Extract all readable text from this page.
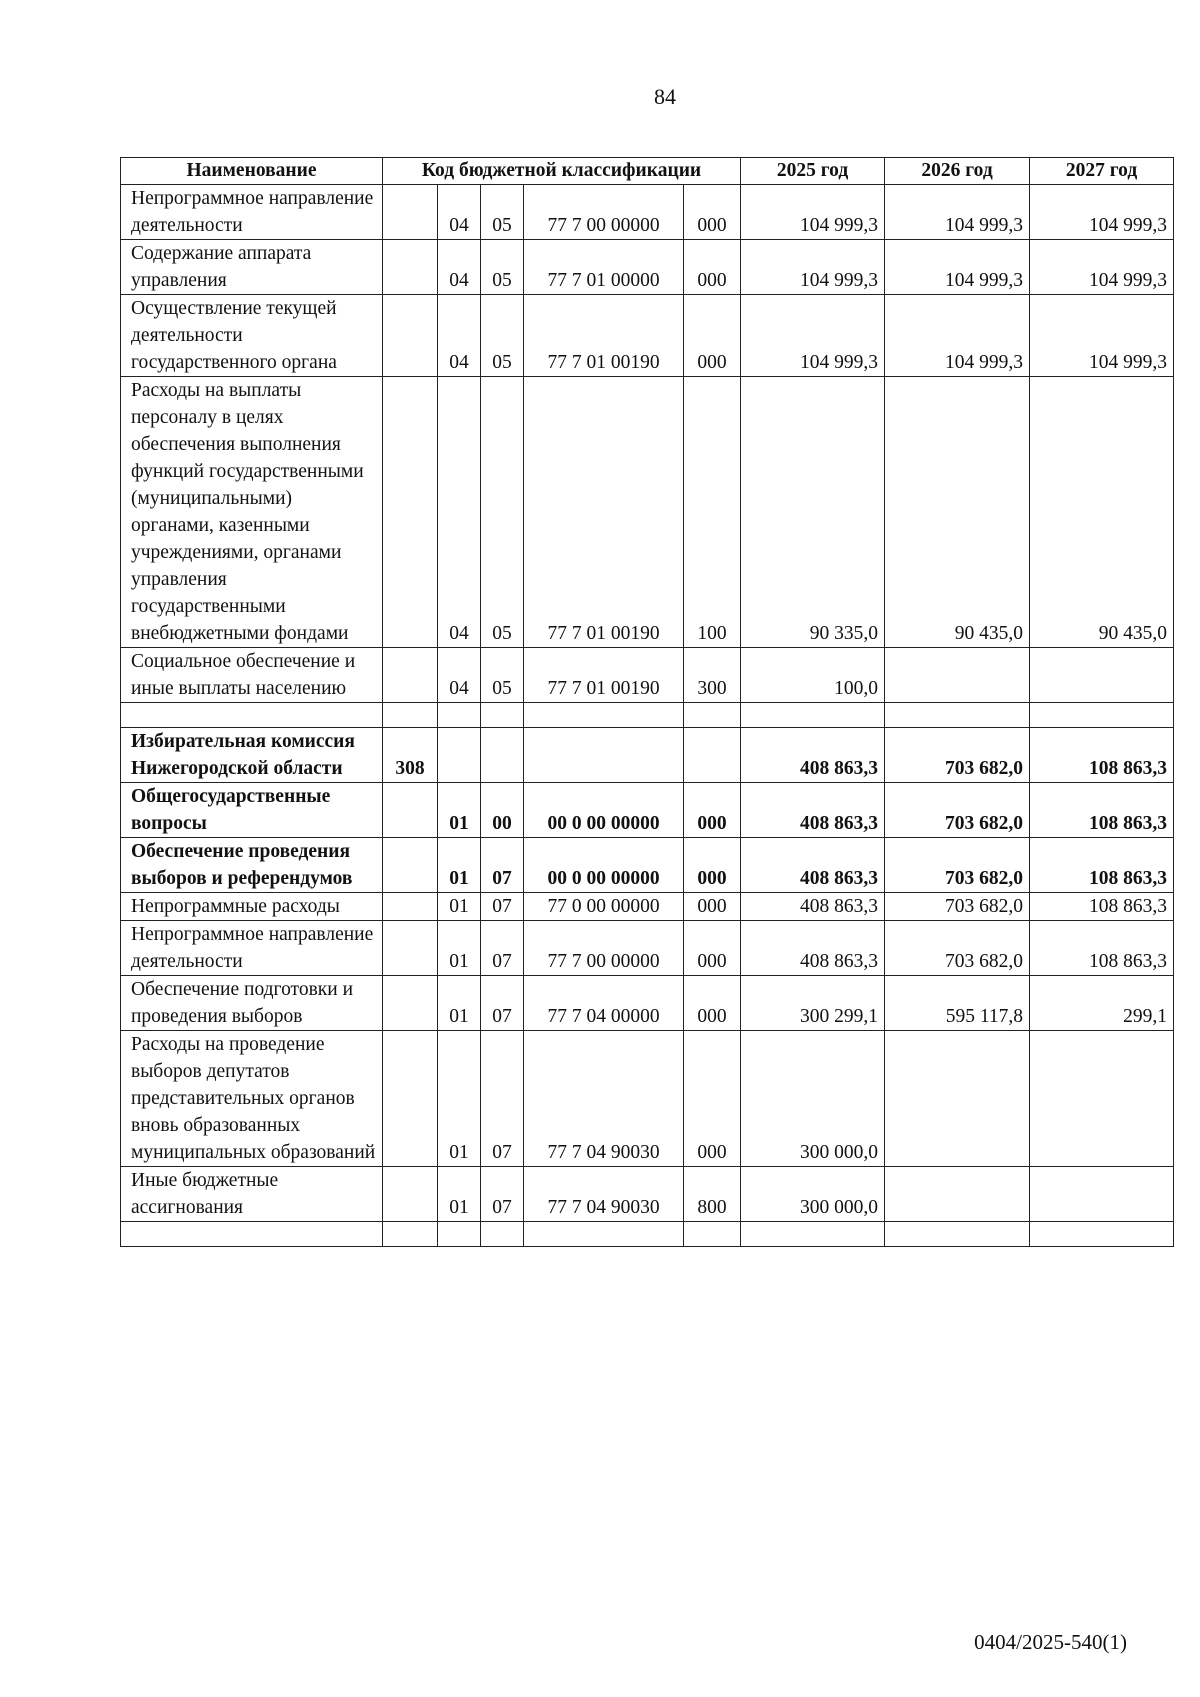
84
Наименование	Код бюджетной классификации					2025 год	2026 год	2027 год
Непрограммное направление деятельности		04	05	77 7 00 00000	000	104 999,3	104 999,3	104 999,3
Содержание аппарата управления		04	05	77 7 01 00000	000	104 999,3	104 999,3	104 999,3
Осуществление текущей деятельности государственного органа		04	05	77 7 01 00190	000	104 999,3	104 999,3	104 999,3
Расходы на выплаты персоналу в целях обеспечения выполнения функций государственными (муниципальными) органами, казенными учреждениями, органами управления государственными внебюджетными фондами		04	05	77 7 01 00190	100	90 335,0	90 435,0	90 435,0
Социальное обеспечение и иные выплаты населению		04	05	77 7 01 00190	300	100,0		

Избирательная комиссия Нижегородской области	308					408 863,3	703 682,0	108 863,3
Общегосударственные вопросы		01	00	00 0 00 00000	000	408 863,3	703 682,0	108 863,3
Обеспечение проведения выборов и референдумов		01	07	00 0 00 00000	000	408 863,3	703 682,0	108 863,3
Непрограммные расходы		01	07	77 0 00 00000	000	408 863,3	703 682,0	108 863,3
Непрограммное направление деятельности		01	07	77 7 00 00000	000	408 863,3	703 682,0	108 863,3
Обеспечение подготовки и проведения выборов		01	07	77 7 04 00000	000	300 299,1	595 117,8	299,1
Расходы на проведение выборов депутатов представительных органов вновь образованных муниципальных образований		01	07	77 7 04 90030	000	300 000,0		
Иные бюджетные ассигнования		01	07	77 7 04 90030	800	300 000,0		

0404/2025-540(1)
